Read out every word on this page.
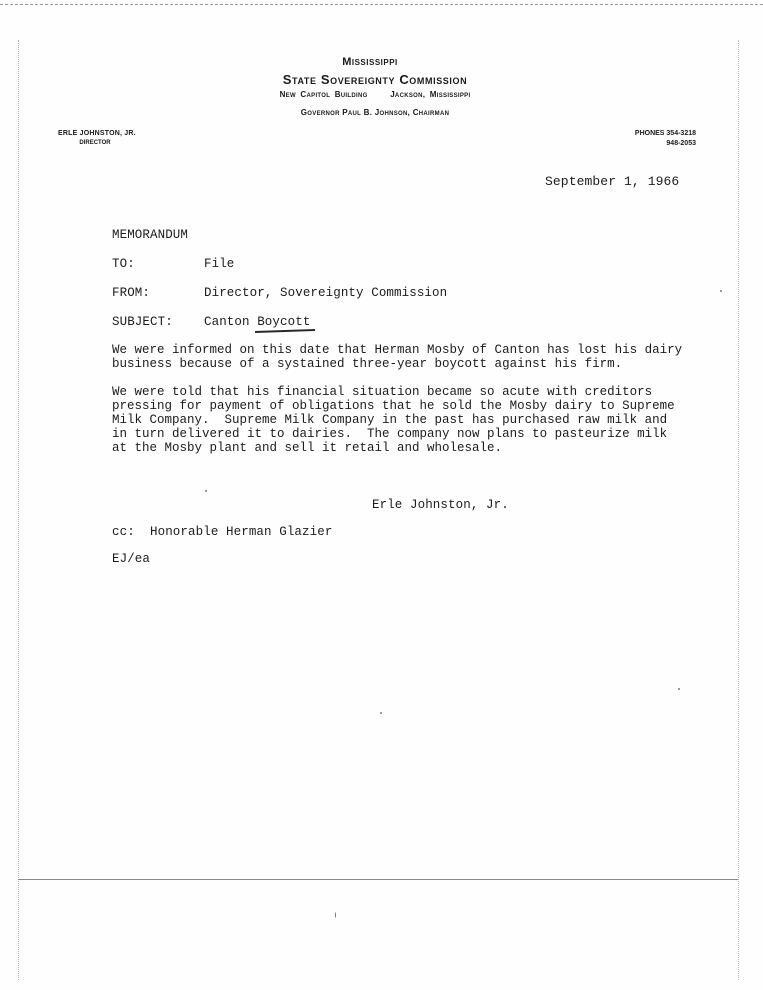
Mississippi
State Sovereignty Commission
New Capitol Building	Jackson, Mississippi
Governor Paul B. Johnson, Chairman
ERLE JOHNSTON, JR.
DIRECTOR
PHONES 354-3218
948-2053
September 1, 1966
MEMORANDUM
TO:	File
FROM:	Director, Sovereignty Commission
SUBJECT: Canton Boycott
We were informed on this date that Herman Mosby of Canton has lost his dairy
business because of a systained three-year boycott against his firm.
We were told that his financial situation became so acute with creditors
pressing for payment of obligations that he sold the Mosby dairy to Supreme
Milk Company.  Supreme Milk Company in the past has purchased raw milk and
in turn delivered it to dairies.  The company now plans to pasteurize milk
at the Mosby plant and sell it retail and wholesale.
Erle Johnston, Jr.
cc:  Honorable Herman Glazier
EJ/ea
